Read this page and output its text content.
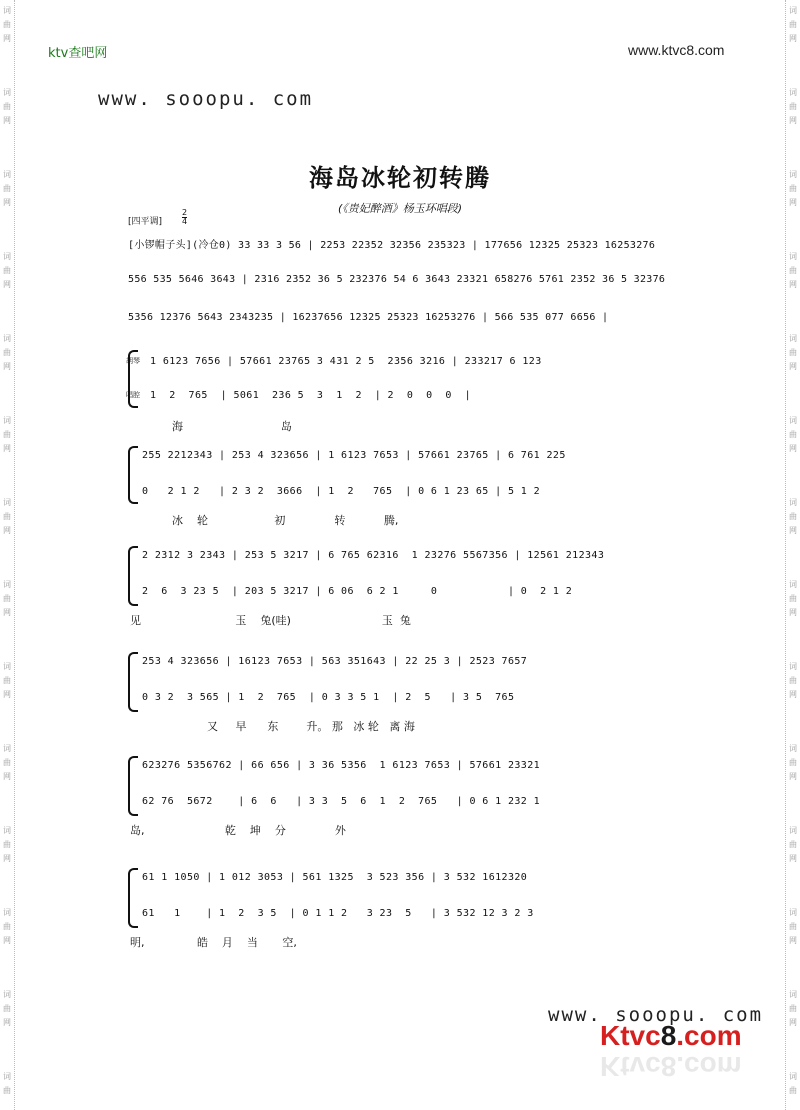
词
曲
网
词
曲
网
词
曲
网
词
曲
网
词
曲
网
词
曲
网
词
曲
网
词
曲
网
词
曲
网
词
曲
网
词
曲
网
词
曲
网
词
曲
网
词
曲
词
曲
网
词
曲
网
词
曲
网
词
曲
网
词
曲
网
词
曲
网
词
曲
网
词
曲
网
词
曲
网
词
曲
网
词
曲
网
词
曲
网
词
曲
网
词
曲
ktv查吧网	www.ktvc8.com
www. sooopu. com
海岛冰轮初转腾
(《贵妃醉酒》杨玉环唱段)
[四平调]
2
4
[小锣帽子头](冷仓0) 33 33 3 56 | 2253 22352 32356 235323 | 177656 12325 25323 16253276
556 535 5646 3643 | 2316 2352 36 5 232376 54 6 3643 23321 658276 5761 2352 36 5 32376
5356 12376 5643 2343235 | 16237656 12325 25323 16253276 | 566 535 077 6656 |
胡琴
唱腔
1 6123 7656 | 57661 23765 3 431 2 5  2356 3216 | 233217 6 123
1  2  765  | 5061  236 5  3  1  2  | 2  0  0  0  |
海                            岛
255 2212343 | 253 4 323656 | 1 6123 7653 | 57661 23765 | 6 761 225
0   2 1 2   | 2 3 2  3666  | 1  2   765  | 0 6 1 23 65 | 5 1 2
冰    轮                   初              转           腾,
2 2312 3 2343 | 253 5 3217 | 6 765 62316  1 23276 5567356 | 12561 212343
2  6  3 23 5  | 203 5 3217 | 6 06  6 2 1     0           | 0  2 1 2
见                           玉    兔(哇)                          玉  兔
253 4 323656 | 16123 7653 | 563 351643 | 22 25 3 | 2523 7657
0 3 2  3 565 | 1  2  765  | 0 3 3 5 1  | 2  5   | 3 5  765
又     早      东        升。 那   冰 轮   离 海
623276 5356762 | 66 656 | 3 36 5356  1 6123 7653 | 57661 23321
62 76  5672    | 6  6   | 3 3  5  6  1  2  765   | 0 6 1 232 1
岛,                       乾    坤    分              外
61 1 1050 | 1 012 3053 | 561 1325  3 523 356 | 3 532 1612320
61   1    | 1  2  3 5  | 0 1 1 2   3 23  5   | 3 532 12 3 2 3
明,               皓    月    当       空,
www. sooopu. com
Ktvc8.com
Ktvc8.com
